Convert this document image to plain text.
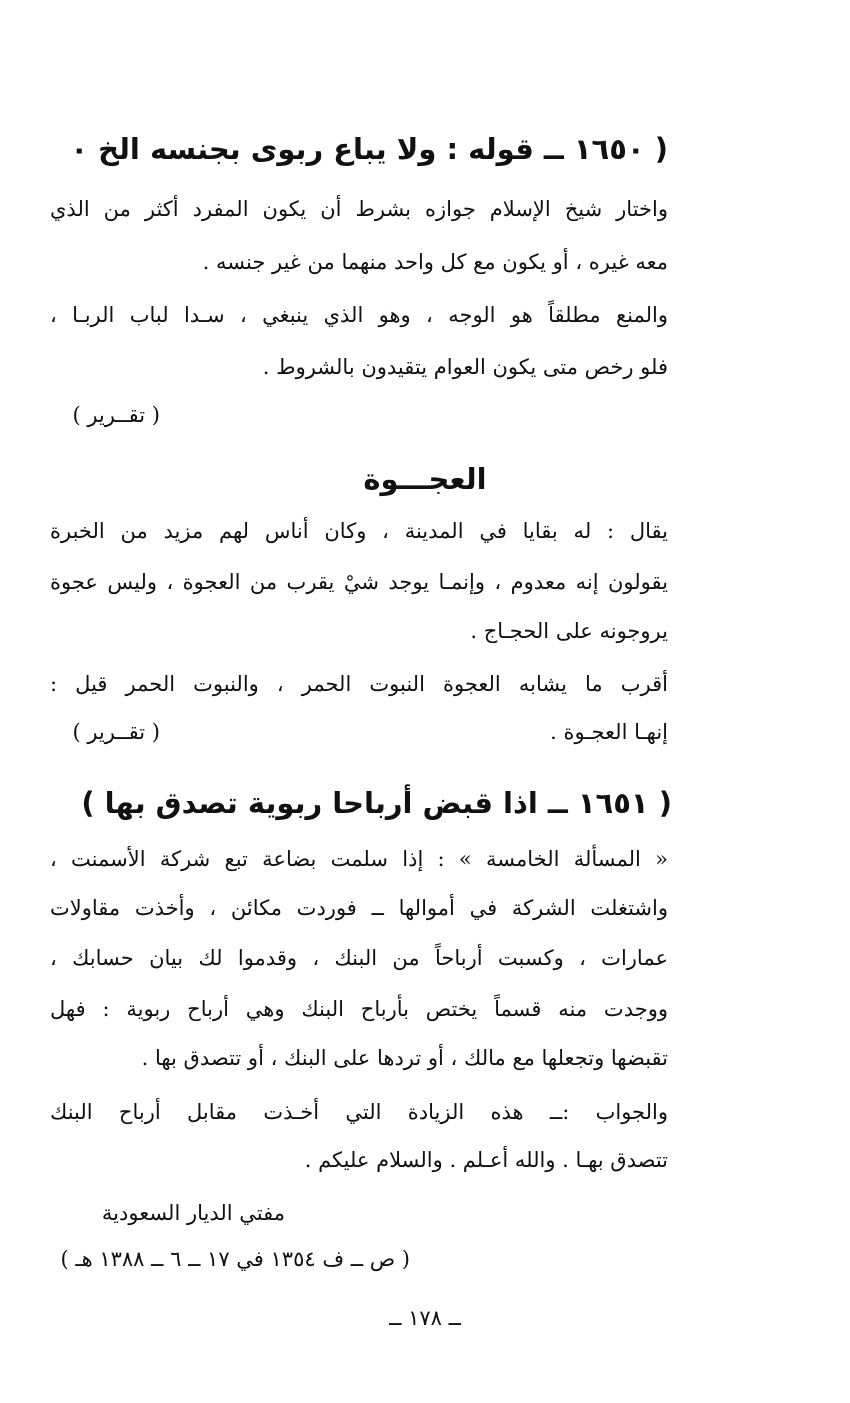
( ١٦٥٠ ــ قوله : ولا يباع ربوى بجنسه الخ ٠
واختار شيخ الإسلام جوازه بشرط أن يكون المفرد أكثر من الذي
معه غيره ، أو يكون مع كل واحد منهما من غير جنسه .
والمنع مطلقاً هو الوجه ، وهو الذي ينبغي ، سـدا لباب الربـا ،
فلو رخص متى يكون العوام يتقيدون بالشروط .
( تقــرير )
العجـــوة
يقال : له بقايا في المدينة ، وكان أناس لهم مزيد من الخبرة
يقولون إنه معدوم ، وإنمـا يوجد شيْ يقرب من العجوة ، وليس عجوة
يروجونه على الحجـاج .
أقرب ما يشابه العجوة النبوت الحمر ، والنبوت الحمر قيل :
إنهـا العجـوة .
( تقــرير )
( ١٦٥١ ــ اذا قبض أرباحا ربوية تصدق بها )
« المسألة الخامسة » : إذا سلمت بضاعة تبع شركة الأسمنت ،
واشتغلت الشركة في أموالها ــ فوردت مكائن ، وأخذت مقاولات
عمارات ، وكسبت أرباحاً من البنك ، وقدموا لك بيان حسابك ،
ووجدت منه قسماً يختص بأرباح البنك وهي أرباح ربوية : فهل
تقبضها وتجعلها مع مالك ، أو تردها على البنك ، أو تتصدق بها .
والجواب :ــ هذه الزيادة التي أخـذت مقابل أرباح البنك
تتصدق بهـا . والله أعـلم . والسلام عليكم .
مفتي الديار السعودية
( ص ــ ف ١٣٥٤ في ١٧ ــ ٦ ــ ١٣٨٨ هـ )
ــ ١٧٨ ــ
